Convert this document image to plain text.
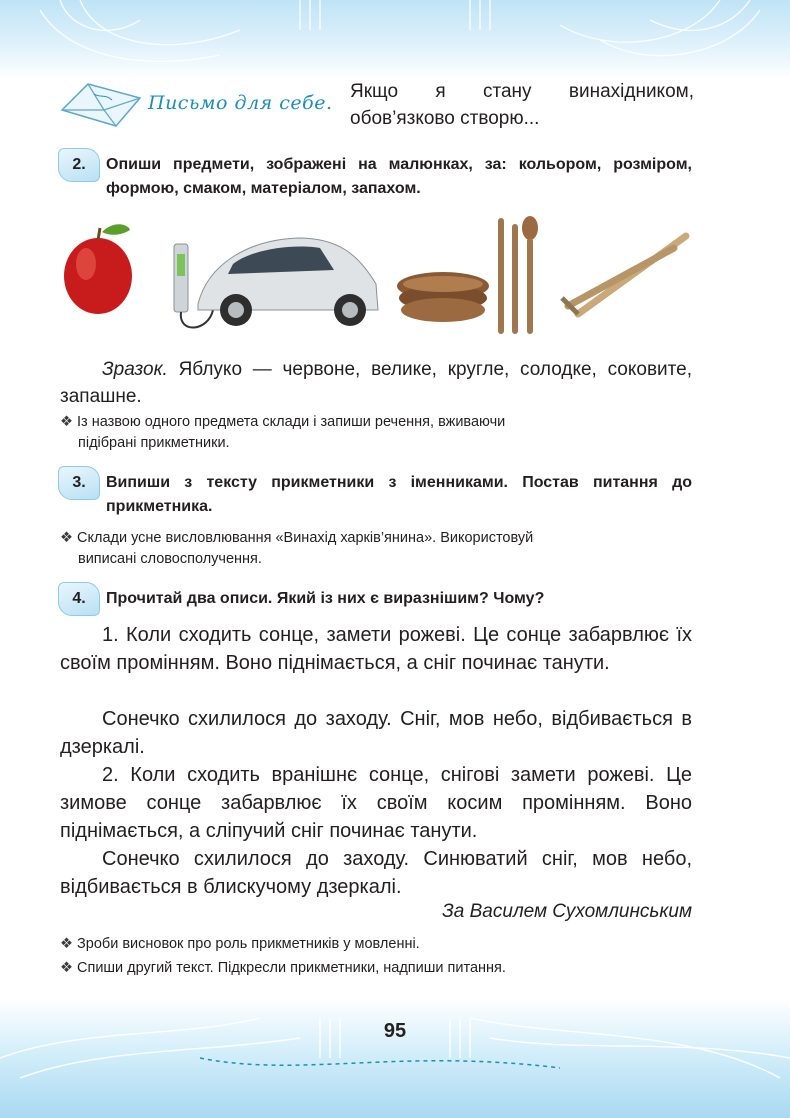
Письмо для себе.
Якщо я стану винахідником,
обов’язково створю...
2.	Опиши предмети, зображені на малюнках, за: кольором, розміром, формою, смаком, матеріалом, запахом.
Зразок. Яблуко — червоне, велике, кругле, солодке, соковите, запашне.
❖ Із назвою одного предмета склади і запиши речення, вживаючи
підібрані прикметники.
3.	Випиши з тексту прикметники з іменниками. Постав питання до прикметника.
❖ Склади усне висловлювання «Винахід харків’янина». Використовуй
виписані словосполучення.
4.	Прочитай два описи. Який із них є виразнішим? Чому?
1. Коли сходить сонце, замети рожеві. Це сонце забарвлює їх своїм промінням. Воно піднімається, а сніг починає танути.
Сонечко схилилося до заходу. Сніг, мов небо, відбивається в дзеркалі.
2. Коли сходить вранішнє сонце, снігові замети рожеві. Це зимове сонце забарвлює їх своїм косим промінням. Воно піднімається, а сліпучий сніг починає танути.
Сонечко схилилося до заходу. Синюватий сніг, мов небо, відбивається в блискучому дзеркалі.
За Василем Сухомлинським
❖ Зроби висновок про роль прикметників у мовленні.
❖ Спиши другий текст. Підкресли прикметники, надпиши питання.
95
